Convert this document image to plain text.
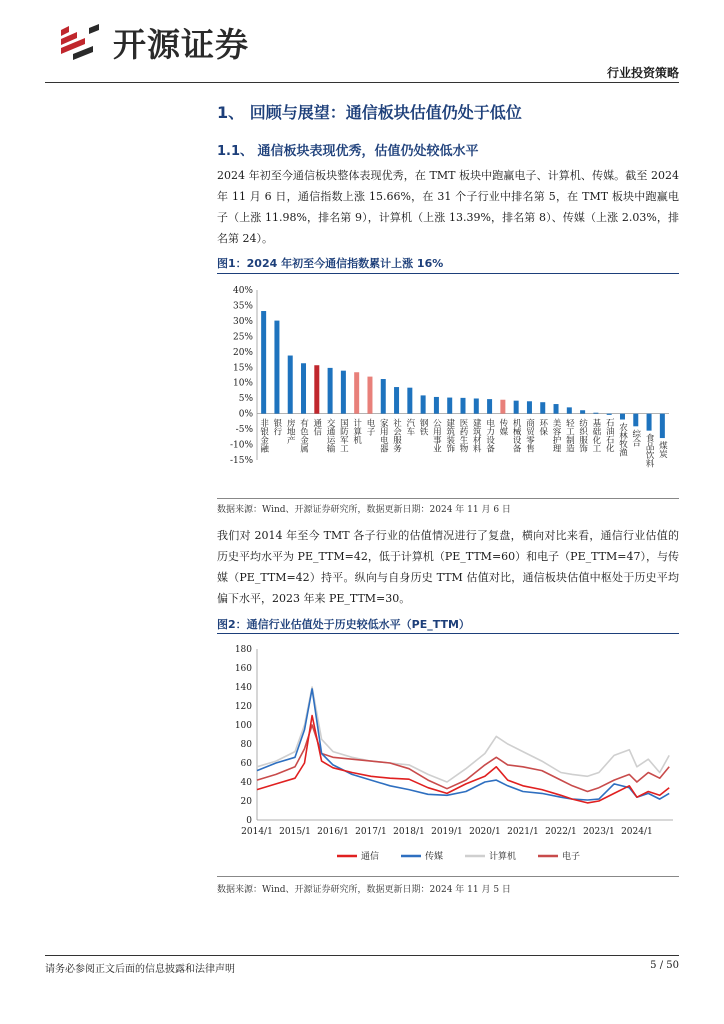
开源证券
行业投资策略
1、 回顾与展望：通信板块估值仍处于低位
1.1、 通信板块表现优秀，估值仍处较低水平
2024 年初至今通信板块整体表现优秀，在 TMT 板块中跑赢电子、计算机、传媒。截至 2024 年 11 月 6 日，通信指数上涨 15.66%，在 31 个子行业中排名第 5，在 TMT 板块中跑赢电子（上涨 11.98%，排名第 9），计算机（上涨 13.39%，排名第 8）、传媒（上涨 2.03%，排名第 24）。
图1：2024 年初至今通信指数累计上涨 16%
40%
35%
30%
25%
20%
15%
10%
5%
0%
-5%
-10%
-15%
非银金融 银行 房地产 有色金属 通信 交通运输 国防军工 计算机 电子 家用电器 社会服务 汽车 钢铁 公用事业 建筑装饰 医药生物 建筑材料 电力设备 传媒 机械设备 商贸零售 环保 美容护理 轻工制造 纺织服饰 基础化工 石油石化 农林牧渔 综合 食品饮料 煤炭
数据来源：Wind、开源证券研究所，数据更新日期：2024 年 11 月 6 日
我们对 2014 年至今 TMT 各子行业的估值情况进行了复盘，横向对比来看，通信行业估值的历史平均水平为 PE_TTM=42，低于计算机（PE_TTM=60）和电子（PE_TTM=47），与传媒（PE_TTM=42）持平。纵向与自身历史 TTM 估值对比，通信板块估值中枢处于历史平均偏下水平，2023 年来 PE_TTM=30。
图2：通信行业估值处于历史较低水平（PE_TTM）
0
20
40
60
80
100
120
140
160
180
2014/1 2015/1 2016/1 2017/1 2018/1 2019/1 2020/1 2021/1 2022/1 2023/1 2024/1
通信	传媒	计算机	电子
数据来源：Wind、开源证券研究所，数据更新日期：2024 年 11 月 5 日
请务必参阅正文后面的信息披露和法律声明	5 / 50
